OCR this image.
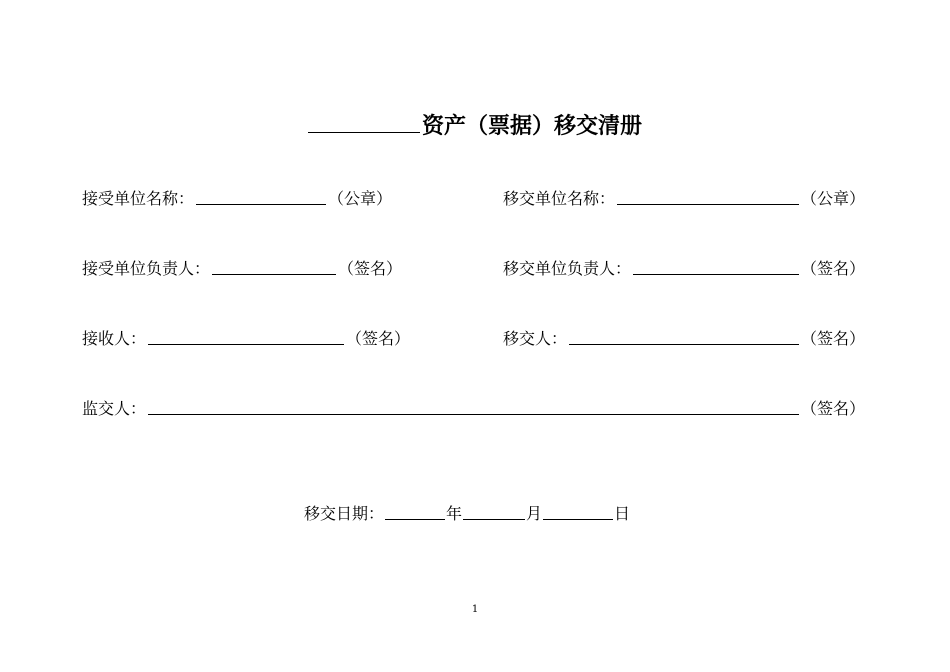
资产（票据）移交清册
接受单位名称：	（公章）	移交单位名称：	（公章）
接受单位负责人：	（签名）	移交单位负责人：	（签名）
接收人：	（签名）	移交人：	（签名）
监交人：	（签名）
移交日期：	年	月	日
1
